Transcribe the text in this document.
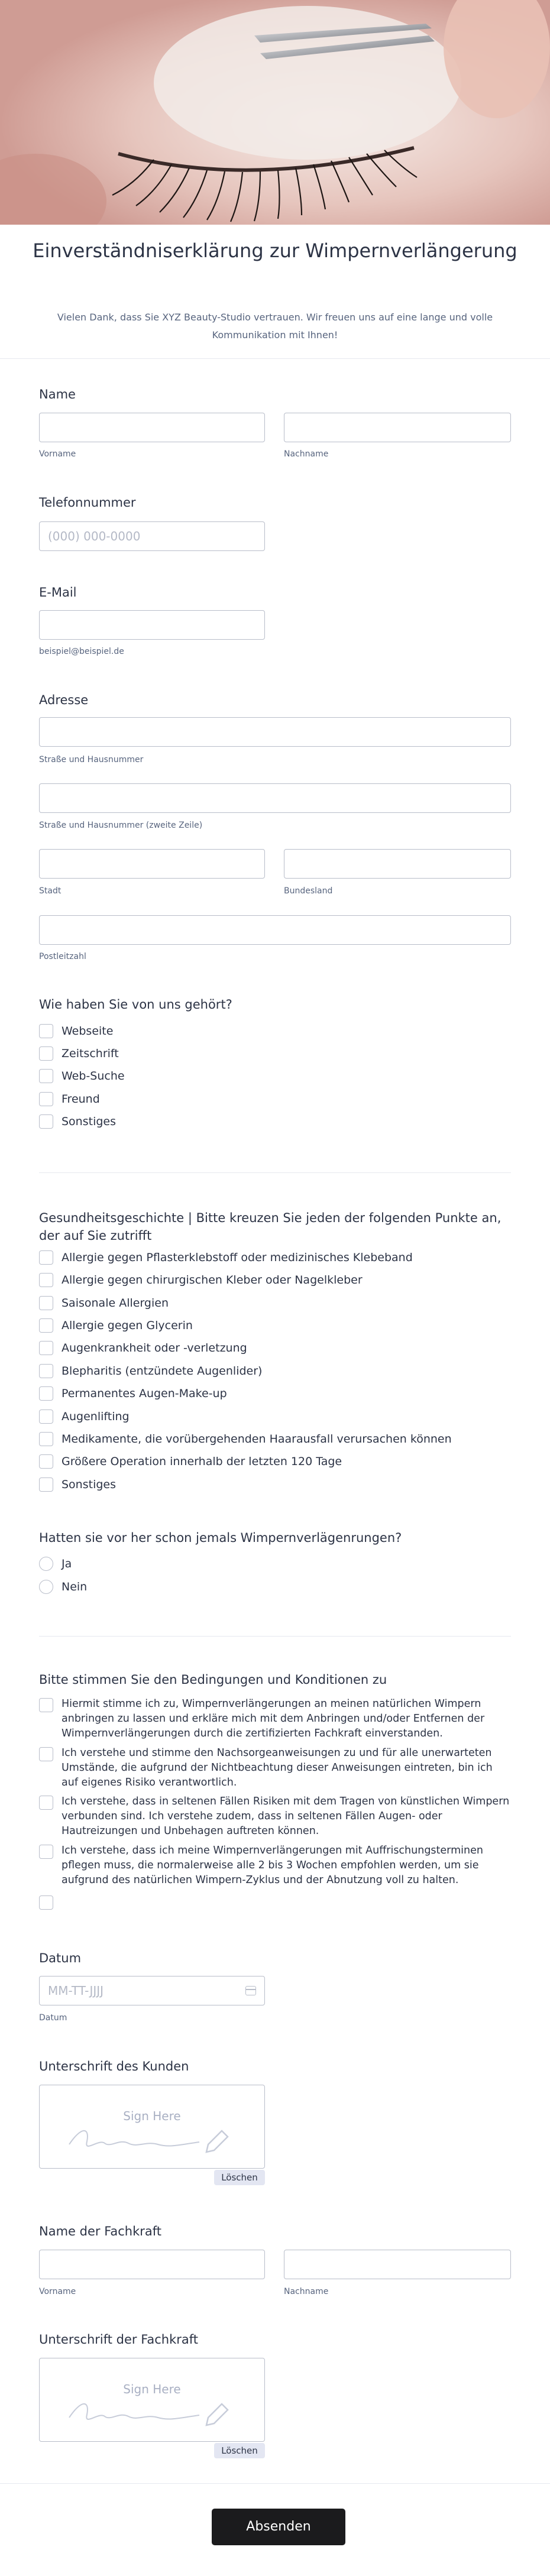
Einverständniserklärung zur Wimpernverlängerung

Vielen Dank, dass Sie XYZ Beauty-Studio vertrauen. Wir freuen uns auf eine lange und volle Kommunikation mit Ihnen!

Name
Vorname	Nachname
Telefonnummer
(000) 000-0000
E-Mail
beispiel@beispiel.de
Adresse
Straße und Hausnummer
Straße und Hausnummer (zweite Zeile)
Stadt	Bundesland
Postleitzahl
Wie haben Sie von uns gehört?
Webseite
Zeitschrift
Web-Suche
Freund
Sonstiges
Gesundheitsgeschichte | Bitte kreuzen Sie jeden der folgenden Punkte an, der auf Sie zutrifft
Allergie gegen Pflasterklebstoff oder medizinisches Klebeband
Allergie gegen chirurgischen Kleber oder Nagelkleber
Saisonale Allergien
Allergie gegen Glycerin
Augenkrankheit oder -verletzung
Blepharitis (entzündete Augenlider)
Permanentes Augen-Make-up
Augenlifting
Medikamente, die vorübergehenden Haarausfall verursachen können
Größere Operation innerhalb der letzten 120 Tage
Sonstiges
Hatten sie vor her schon jemals Wimpernverlägenrungen?
Ja
Nein
Bitte stimmen Sie den Bedingungen und Konditionen zu
Hiermit stimme ich zu, Wimpernverlängerungen an meinen natürlichen Wimpern anbringen zu lassen und erkläre mich mit dem Anbringen und/oder Entfernen der Wimpernverlängerungen durch die zertifizierten Fachkraft einverstanden.
Ich verstehe und stimme den Nachsorgeanweisungen zu und für alle unerwarteten Umstände, die aufgrund der Nichtbeachtung dieser Anweisungen eintreten, bin ich auf eigenes Risiko verantwortlich.
Ich verstehe, dass in seltenen Fällen Risiken mit dem Tragen von künstlichen Wimpern verbunden sind. Ich verstehe zudem, dass in seltenen Fällen Augen- oder Hautreizungen und Unbehagen auftreten können.
Ich verstehe, dass ich meine Wimpernverlängerungen mit Auffrischungsterminen pflegen muss, die normalerweise alle 2 bis 3 Wochen empfohlen werden, um sie aufgrund des natürlichen Wimpern-Zyklus und der Abnutzung voll zu halten.
Datum
MM-TT-JJJJ
Datum
Unterschrift des Kunden
Sign Here
Löschen
Name der Fachkraft
Vorname	Nachname
Unterschrift der Fachkraft
Sign Here
Löschen
Absenden
